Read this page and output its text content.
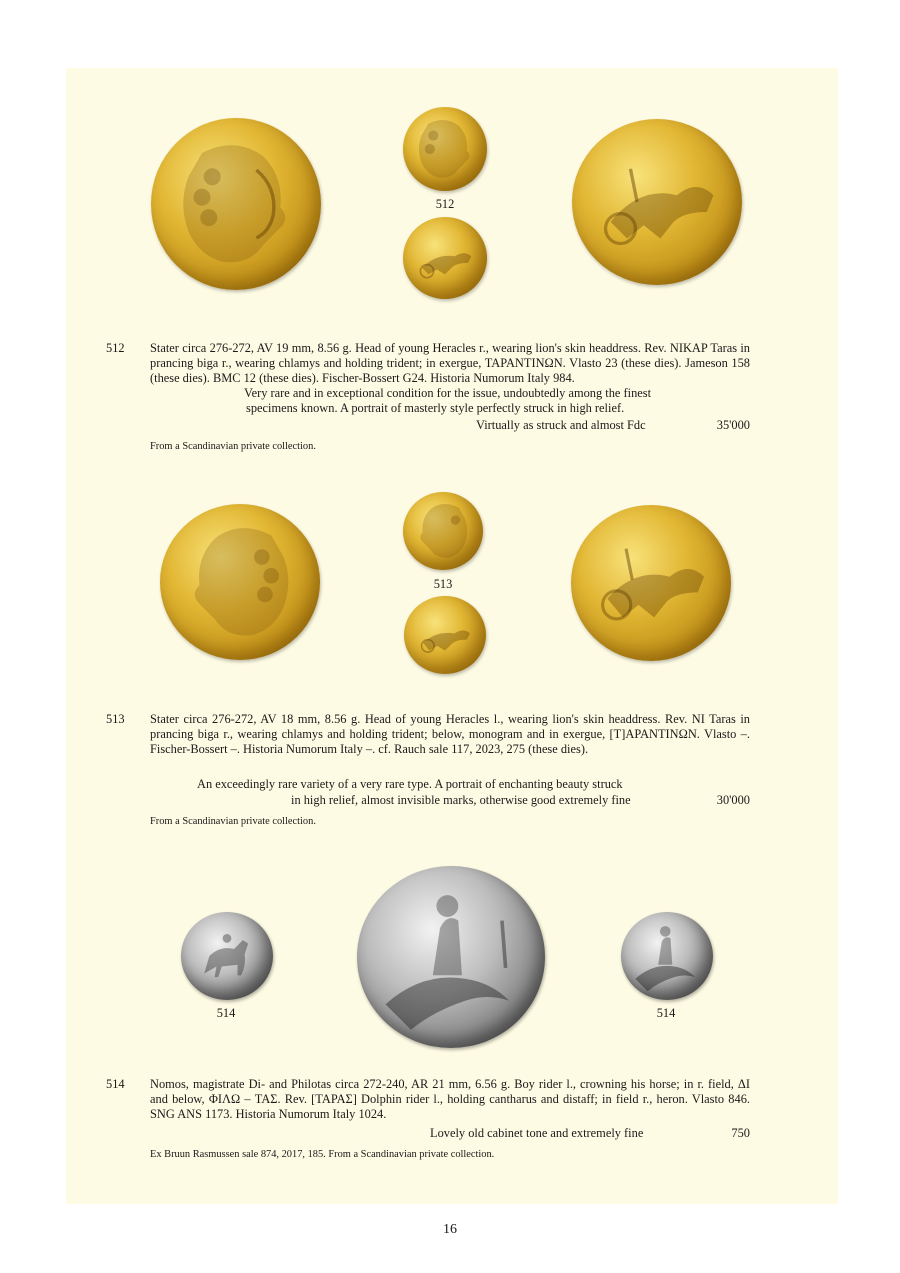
512
512 Stater circa 276-272, AV 19 mm, 8.56 g. Head of young Heracles r., wearing lion's skin headdress. Rev. NIKAP Taras in prancing biga r., wearing chlamys and holding trident; in exergue, TAPANTINΩN. Vlasto 23 (these dies). Jameson 158 (these dies). BMC 12 (these dies). Fischer-Bossert G24. Historia Numorum Italy 984.
Very rare and in exceptional condition for the issue, undoubtedly among the finest
specimens known. A portrait of masterly style perfectly struck in high relief.
Virtually as struck and almost Fdc	35'000
From a Scandinavian private collection.
513
513 Stater circa 276-272, AV 18 mm, 8.56 g. Head of young Heracles l., wearing lion's skin headdress. Rev. NI Taras in prancing biga r., wearing chlamys and holding trident; below, monogram and in exergue, [T]APANTINΩN. Vlasto –. Fischer-Bossert –. Historia Numorum Italy –. cf. Rauch sale 117, 2023, 275 (these dies).
An exceedingly rare variety of a very rare type. A portrait of enchanting beauty struck
in high relief, almost invisible marks, otherwise good extremely fine	30'000
From a Scandinavian private collection.
514	514
514 Nomos, magistrate Di- and Philotas circa 272-240, AR 21 mm, 6.56 g. Boy rider l., crowning his horse; in r. field, ΔI and below, ΦIΛΩ – TAΣ. Rev. [TAPAΣ] Dolphin rider l., holding cantharus and distaff; in field r., heron. Vlasto 846. SNG ANS 1173. Historia Numorum Italy 1024.
Lovely old cabinet tone and extremely fine	750
Ex Bruun Rasmussen sale 874, 2017, 185. From a Scandinavian private collection.
16
